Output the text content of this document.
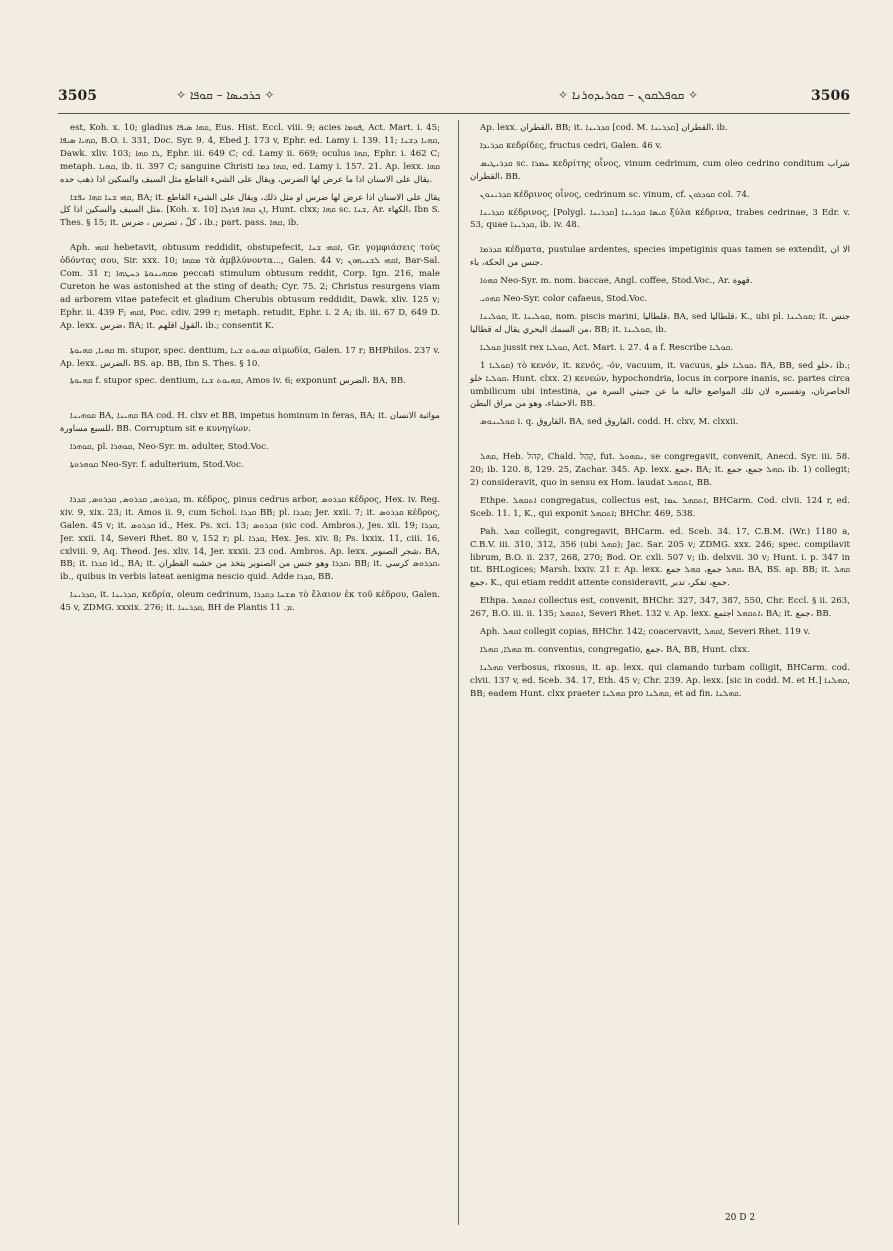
3505	✧ ܟܪܟܝܣܐ – ܩܘܦܐ ✧	✧ ܩܘܦܠܩܘܢ – ܩܘܪܝܕܘܪܢܐ ✧	3506

est, Koh. x. 10; gladius ܩܗܐ ܣܝܦܐ, Eus. Hist. Eccl. viii. 9; acies ܦܘܡܐ, Act. Mart. i. 45; ܩܗܝܐ ܣܝܦܐ, B.O. i. 331, Doc. Syr. 9. 4, Ebed J. 173 v, Ephr. ed. Lamy i. 139. 11; ܩܗܝܐ ܕܫܢܐ, Dawk. xliv. 103; ܠܐ ܩܗܐ, Ephr. iii. 649 C; cd. Lamy ii. 669; oculus ܩܗܐ, Ephr. i. 462 C; metaph. ܩܗܝܐ, ib. ii. 397 C; sanguine Christi ܩܗܐ ܕܡܐ, ed. Lamy i. 157. 21. Ap. lexx. ܩܗܐ يقال على الاسنان اذا ما عرض لها الضرس، ويقال على الشيء القاطع مثل السيف والسكين اذا ذهب حده.

ܩܗܝ ܫܢܐ ܩܗܐ ܢܦܫܐ, BA; it. يقال على الاسنان اذا عرض لها ضرس او مثل ذلك، ويقال على الشيء القاطع مثل السيف والسكين اذا كل. [Koh. x. 10] ܐܢ ܩܗܐ ܦܪܙܠܐ, Hunt. clxx; ܩܗܐ sc. ܫܢܐ, Ar. الكهاء، Ibn S. Thes. § 15; it. كلّ ، تضرس ، ضرس ، ib.; part. pass. ܩܗܐ, ib.

Aph. ܐܩܗܝ hebetavit, obtusum reddidit, obstupefecit, ܐܩܗܝ ܫܢܐ, Gr. γομφιάσεις τοὺς ὀδόντας σου, Sir. xxx. 10; ܡܩܗܐ τὰ ἀμβλύνοντα..., Galen. 44 v; ܐܩܗܝ ܠܫܢܝܗܘܢ, Bar-Sal. Com. 31 r; ܡܩܗܝܢܘܬܐ ܕܚܛܗܐ peccati stimulum obtusum reddit, Corp. Ign. 216, male Cureton he was astonished at the sting of death; Cyr. 75. 2; Christus resurgens viam ad arborem vitae patefecit et gladium Cherubis obtusum reddidit, Dawk. xliv. 125 v; Ephr. ii. 439 F; ܐܩܗܝ, Poc. cdiv. 299 r; metaph. retudit, Ephr. i. 2 A; ib. iii. 67 D, 649 D. Ap. lexx. ضرس، BA; it. القول اقلهم، ib.; consentit K.

ܩܗܝܐ, ܩܗܝܘܬܐ m. stupor, spec. dentium, ܩܗܝܘܬ ܫܢܐ αἱμωδία, Galen. 17 r; BHPhilos. 237 v. Ap. lexx. الضرس، BS. ap. BB, Ibn S. Thes. § 10.

ܩܗܝܘܬܐ f. stupor spec. dentium, ܩܗܝܘܬ ܫܢܐ, Amos iv. 6; exponunt الضرس، BA, BB.

ܩܘܗܝܢܐ BA, ܩܗܝܢܐ BA cod. H. clxv et BB, impetus hominum in feras, BA; it. مواثبة الانسان للسبع مساورة، BB. Corruptum sit e κυνηγίων.

ܩܘܗܪܐ, pl. ܩܘܗܪܐ, Neo-Syr. m. adulter, Stod.Voc.

ܩܘܗܪܘܬܐ Neo-Syr. f. adulterium, Stod.Voc.

ܩܕܪܘܣ, ܩܕܪܘܣ, ܩܕܪܘܣ, ܩܕܪܐ, m. κέδρος, pinus cedrus arbor, ܩܕܪܘܣ κέδρος, Hex. iv. Reg. xiv. 9, xix. 23; it. Amos ii. 9, cum Schol. ܩܕܪܐ BB; pl. ܩܕܪܐ; Jer. xxii. 7; it. ܩܕܪܘܣ κέδρος, Galen. 45 v; it. ܩܕܪܘܣ id., Hex. Ps. xci. 13; ܩܕܪܘܣ (sic cod. Ambros.), Jes. xli. 19; ܩܕܪܐ, Jer. xxii. 14, Severi Rhet. 80 v, 152 r; pl. ܩܕܪܐ, Hex. Jes. xiv. 8; Ps. lxxix. 11, ciii. 16, cxlviii. 9, Aq. Theod. Jes. xliv. 14, Jer. xxxii. 23 cod. Ambros. Ap. lexx. شجر الصنوبر، BA, BB; it. ܩܕܪܐ id., BA; it. ܩܕܪܐ وهو جنس من الصنوبر يتخذ من خشبه القطران، BB; it. ܩܕܪܘܣ كرسي، ib., quibus in verbis lateat aenigma nescio quid. Adde ܩܕܪܐ, BB.

ܩܕܪܝܢܐ, it. ܩܕܪܝܢܐ, κεδρία, oleum cedrinum, ܡܫܚܐ ܕܩܕܪܐ τὸ ἔλαιον ἐκ τοῦ κέδρου, Galen. 45 v, ZDMG. xxxix. 276; it. ܩܕܪܝܢܐ, BH de Plantis ܡ. 11.

Ap. lexx. القطران، BB; it. ܩܕܪܝܢܐ [cod. M. ܩܕܪܝܢܐ] القطران، ib.

ܩܕܪܝܕܐ κεδρίδες, fructus cedri, Galen. 46 v.

ܩܕܪܝܛܝܣ sc. ܚܡܪܐ κεδρίτης οἶνος, vinum cedrinum, cum oleo cedrino conditum شراب القطران، BB.

ܩܕܪܝܢܘܢ κέδρινος οἶνος, cedrinum sc. vinum, cf. ܩܘܕܪܘܢ col. 74.

ܩܕܪܝܢܐ κέδρινος, [Polygl. ܩܕܪܝܢܐ] ܩܝܣܐ ܩܕܪܝܢܐ ξύλα κέδρινα, trabes cedrinae, 3 Edr. v. 53, quae ܩܕܪܝܢܐ, ib. iv. 48.

ܩܕܪܡܐ κέδματα, pustulae ardentes, species impetiginis quas tamen se extendit, الا ان جنس من الحكة، باء.

ܩܗܘܐ Neo-Syr. m. nom. baccae, Angl. coffee, Stod.Voc., Ar. قهوة.

ܩܗܘܝ Neo-Syr. color cafaeus, Stod.Voc.

ܩܘܠܝܢܐ, it. ܩܘܠܝܢܐ, nom. piscis marini, قلطاليا، BA, sed قلطاليا، K., ubi pl. ܩܘܠܝܢܐ; it. جنس من السمك البحري يقال له قطاليا، BB; it. ܩܘܠܝܢܐ, ib.

ܩܘܠܝܐ jussit rex ܩܘܠܝܐ, Act. Mart. i. 27. 4 a f. Rescribe ܩܘܠܝܐ.

ܩܘܠܝܐ 1) τὸ κενόν, it. κενός, -όν, vacuum, it. vacuus, ܩܘܠܝܐ خلو، BA, BB, sed خلو، ib.; ܩܘܠܝܐ خلو، Hunt. clxx. 2) κενεών, hypochondria, locus in corpore inanis, sc. partes circa umbilicum ubi intestina, الخاصرتان، وتفسيره لان تلك المواضع خالية ما عن جنبتي السرة من الاحشاء، وهو من مراق البطن، BB.

ܩܘܠܝܢܘܣ i. q. القاروق، BA, sed القاروق، codd. H. clxv, M. clxxii.

ܩܗܠ, Heb. קהל, Chald. קְהַל, fut. ܢܩܗܘܠ, se congregavit, convenit, Anecd. Syr. iii. 58. 20; ib. 120. 8, 129. 25, Zachar. 345. Ap. lexx. جمع، BA; it. ܩܗܠ جمع، جمع، ib. 1) collegit; 2) consideravit, quo in sensu ex Hom. laudat ܐܬܩܗܠ, BB.

Ethpe. ܐܬܩܗܠ congregatus, collectus est, ܐܬܩܗܠ ܥܡܐ, BHCarm. Cod. clvii. 124 r, ed. Sceb. 11. 1, K., qui exponit ܐܬܩܗܠ; BHChr. 469, 538.

Pah. ܩܗܠ collegit, congregavit, BHCarm. ed. Sceb. 34. 17, C.B.M. (Wr.) 1180 a, C.B.V. iii. 310, 312, 356 (ubi ܩܗܠ); Jac. Sar. 205 v; ZDMG. xxx. 246; spec. compilavit librum, B.O. ii. 237, 268, 270; Bod. Or. cxli. 507 v; ib. delxvii. 30 v; Hunt. i. p. 347 in tit. BHLogices; Marsh. lxxiv. 21 r. Ap. lexx. ܩܗܠ جمع، ܩܗܠ جمع، BA, BS. ap. BB; it. ܩܗܠ جمع، K., qui etiam reddit attente consideravit, جمع، تفكر، تدبر.

Ethpa. ܐܬܩܗܠ collectus est, convenit, BHChr. 327, 347, 387, 550, Chr. Eccl. § ii. 263, 267, B.O. iii. ii. 135; ܐܬܩܗܠ, Severi Rhet. 132 v. Ap. lexx. ܐܬܩܗܠ اجتمع، BA; it. جمع، BB.

Aph. ܐܩܗܠ collegit copias, BHChr. 142; coacervavit, ܐܩܗܠ, Severi Rhet. 119 v.

ܩܗܠܐ, ܩܗܠܐ m. conventus, congregatio, جمع، BA, BB, Hunt. clxx.

ܩܗܠܢܐ verbosus, rixosus, it. ap. lexx. qui clamando turbam colligit, BHCarm. cod. clvii. 137 v, ed. Sceb. 34. 17, Eth. 45 v; Chr. 239. Ap. lexx. [sic in codd. M. et H.] ܩܗܠܢܐ, BB; eadem Hunt. clxx praeter ܩܗܠܢܐ pro ܩܗܠܢܐ, et ad fin. ܩܗܠܢܐ.

20 D 2
